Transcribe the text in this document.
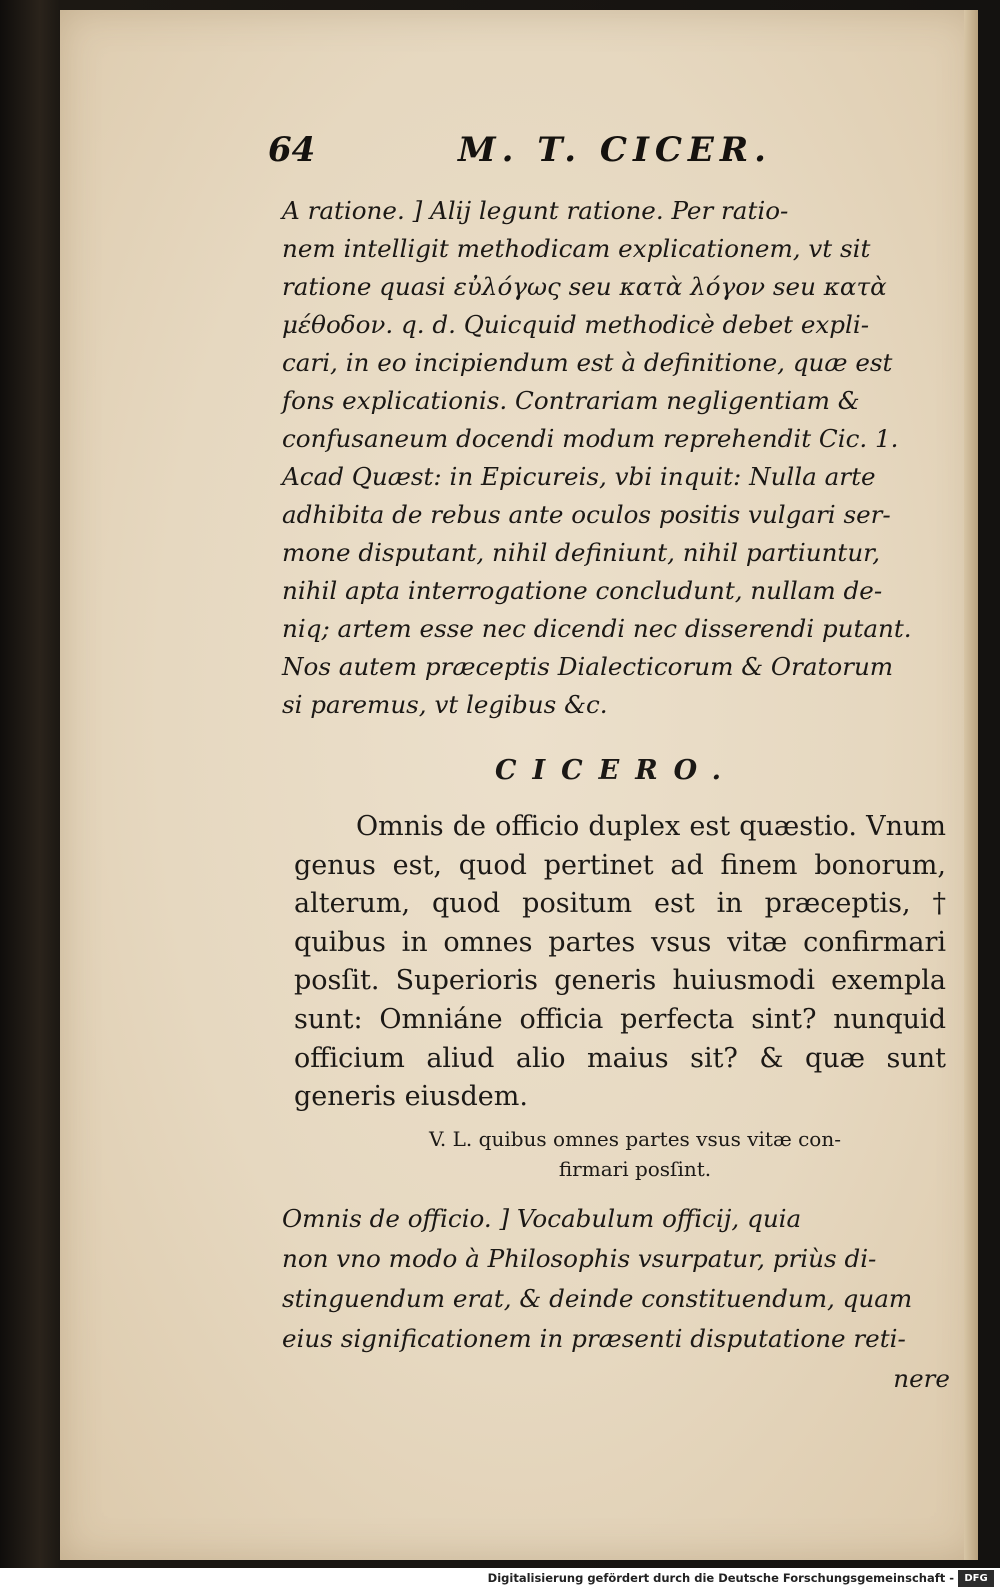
64	M. T. CICER.
A ratione. ] Alij legunt ratione. Per ratio-
nem intelligit methodicam explicationem, vt sit
ratione quasi εὐλόγως seu κατὰ λόγον seu κατὰ
μέθοδον. q. d. Quicquid methodicè debet expli-
cari, in eo incipiendum est à definitione, quæ est
fons explicationis. Contrariam negligentiam &
confusaneum docendi modum reprehendit Cic. 1.
Acad Quæst: in Epicureis, vbi inquit: Nulla arte
adhibita de rebus ante oculos positis vulgari ser-
mone disputant, nihil definiunt, nihil partiuntur,
nihil apta interrogatione concludunt, nullam de-
niq; artem esse nec dicendi nec disserendi putant.
Nos autem præceptis Dialecticorum & Oratorum
si paremus, vt legibus &c.
CICERO.
Omnis de officio duplex est quæstio. Vnum genus est, quod pertinet ad finem bonorum, alterum, quod positum est in præceptis, † quibus in omnes partes vsus vitæ confirmari posſit. Superioris generis huiusmodi exempla sunt: Omniáne officia perfecta sint? nunquid officium aliud alio maius sit? & quæ sunt generis eiusdem.
V. L. quibus omnes partes vsus vitæ con-
firmari posſint.
Omnis de officio. ] Vocabulum officij, quia
non vno modo à Philosophis vsurpatur, priùs di-
stinguendum erat, & deinde constituendum, quam
eius significationem in præsenti disputatione reti-
nere
Digitalisierung gefördert durch die Deutsche Forschungsgemeinschaft -	DFG
